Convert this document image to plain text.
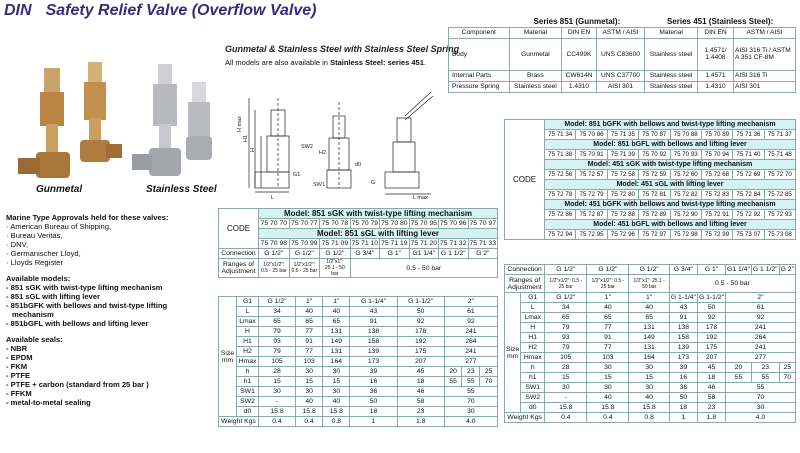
DIN Safety Relief Valve (Overflow Valve)
Gunmetal	Stainless Steel
Gunmetal & Stainless Steel with Stainless Steel Spring
All models are also available in Stainless Steel: series 451.
Marine Type Approvals held for these valves:
· American Bureau of Shipping,
· Bureau Veritas,
· DNV,
· Germanischer Lloyd,
· Lloyds Register
Available models:
- 851 sGK with twist-type lifting mechanism
- 851 sGL with lifting lever
- 851bGFK with bellows and twist-type lifting
mechanism
- 851bGFL with bellows and lifting lever
Available seals:
- NBR
- EPDM
- FKM
- PTFE
- PTFE + carbon (standard from 25 bar )
- FFKM
- metal-to-metal sealing
	Series 851 (Gunmetal):			Series 451 (Stainless Steel):		
Component	Material	DIN EN	ASTM / AISI	Material	DIN EN	ASTM / AISI
Body	Gunmetal	CC499K	UNS C83600	Stainless steel	1.4571/ 1.4408	AISI 316 Ti / ASTM A 351 CF-8M
Internal Parts	Brass	CW614N	UNS C37700	Stainless steel	1.4571	AISI 316 Ti
Pressure Spring	Stainless steel	1.4310	AISI 301	Stainless steel	1.4310	AISI 301
H max
H1
H
SW2
SW1
H2
G1
L
d0
L max
G
CODE	Model: 851 sGK with twist-type lifting mechanism							
	75 70 70	75 70 77	75 70 78	75 70 79	75 70 80	75 70 95	75 70 96	75 70 97
	Model: 851 sGL with lifting lever							
	75 70 98	75 70 99	75 71 09	75 71 10	75 71 19	75 71 20	75 71 32	75 71 33
Connection	G 1/2"	G 1/2"	G 1/2"	G 3/4"	G 1"	G1 1/4"	G 1 1/2"	G 2"
Ranges of Adjustment	1/2"x1/2": 0.5 - 25 bar	1/2"x1/2": 0.5 - 25 bar	1/2"x1": 25.1 - 50 bar	0.5 - 50 bar				
Size mm	G1	G 1/2"	1"	1"	G 1-1/4"	G 1-1/2"	2"		
	L	34	40	40	43	50	61		
	Lmax	65	65	65	91	92	92		
	H	79	77	131	138	178	241		
	H1	93	91	149	158	192	264		
	H2	79	77	131	139	175	241		
	Hmax	105	103	164	173	207	277		
	h	28	30	30	39	45	20	23	25
	h1	15	15	15	16	18	55	55	70
	SW1	30	30	30	36	46	55		
	SW2	-	40	40	50	58	70		
	d0	15.8	15.8	15.8	18	23	30		
Weight Kgs		0.4	0.4	0.8	1	1.8	4.0		
CODE	Model: 851 bGFK with bellows and twist-type lifting mechanism							
	75 71 34	75 70 86	75 71 35	75 70 87	75 70 88	75 70 89	75 71 36	75 71 37
	Model: 851 bGFL with bellows and lifting lever							
	75 71 38	75 70 91	75 71 39	75 70 92	75 70 93	75 70 94	75 71 40	75 71 48
	Model: 451 sGK with twist-type lifting mechanism							
	75 72 56	75 72 57	75 72 58	75 72 59	75 72 60	75 72 68	75 72 69	75 72 70
	Model: 451 sGL with lifting lever							
	75 72 78	75 72 79	75 72 80	75 72 81	75 72 82	75 72 83	75 72 84	75 72 85
	Model: 451 bGFK with bellows and twist-type lifting mechanism							
	75 72 86	75 72 87	75 72 88	75 72 89	75 72 90	75 72 91	75 72 92	75 72 93
	Model: 451 bGFL with bellows and lifting lever							
	75 72 94	75 72 95	75 72 96	75 72 97	75 72 98	75 72 99	75 73 07	75 73 08
Connection		G 1/2"	G 1/2"	G 1/2"	G 3/4"	G 1"	G1 1/4"	G 1 1/2"	G 2"
Ranges of Adjustment		1/2"x1/2": 0.5 - 25 bar	1/2"x1/2": 0.5 - 25 bar	1/2"x1": 25.1 - 50 bar	0.5 - 50 bar				
Size mm	G1	G 1/2"	1"	1"	G 1-1/4"	G 1-1/2"	2"		
	L	34	40	40	43	50	61		
	Lmax	65	65	65	91	92	92		
	H	79	77	131	138	178	241		
	H1	93	91	149	158	192	264		
	H2	79	77	131	139	175	241		
	Hmax	105	103	164	173	207	277		
	h	28	30	30	39	45	20	23	25
	h1	15	15	15	16	18	55	55	70
	SW1	30	30	30	36	46	55		
	SW2	-	40	40	50	58	70		
	d0	15.8	15.8	15.8	18	23	30		
Weight Kgs		0.4	0.4	0.8	1	1.8	4.0		
